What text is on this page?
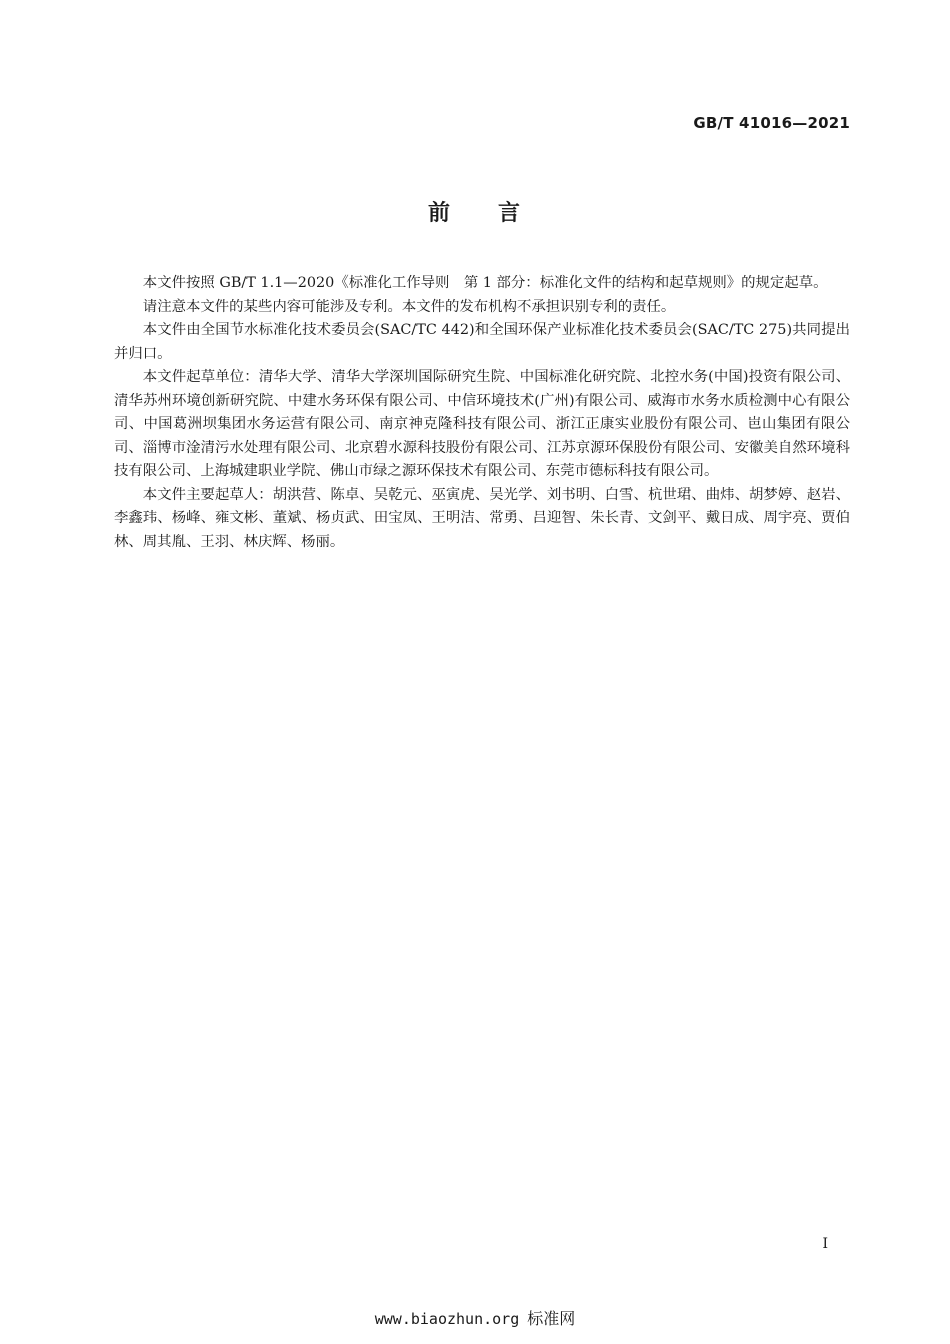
GB/T 41016—2021
前 言

本文件按照 GB/T 1.1—2020《标准化工作导则　第 1 部分：标准化文件的结构和起草规则》的规定起草。

请注意本文件的某些内容可能涉及专利。本文件的发布机构不承担识别专利的责任。

本文件由全国节水标准化技术委员会(SAC/TC 442)和全国环保产业标准化技术委员会(SAC/TC 275)共同提出并归口。

本文件起草单位：清华大学、清华大学深圳国际研究生院、中国标准化研究院、北控水务(中国)投资有限公司、清华苏州环境创新研究院、中建水务环保有限公司、中信环境技术(广州)有限公司、威海市水务水质检测中心有限公司、中国葛洲坝集团水务运营有限公司、南京神克隆科技有限公司、浙江正康实业股份有限公司、岜山集团有限公司、淄博市淦清污水处理有限公司、北京碧水源科技股份有限公司、江苏京源环保股份有限公司、安徽美自然环境科技有限公司、上海城建职业学院、佛山市绿之源环保技术有限公司、东莞市德标科技有限公司。

本文件主要起草人：胡洪营、陈卓、吴乾元、巫寅虎、吴光学、刘书明、白雪、杭世珺、曲炜、胡梦婷、赵岩、李鑫玮、杨峰、雍文彬、董斌、杨贞武、田宝凤、王明洁、常勇、吕迎智、朱长青、文剑平、戴日成、周宇亮、贾伯林、周其胤、王羽、林庆辉、杨丽。

I
www.biaozhun.org 标准网
